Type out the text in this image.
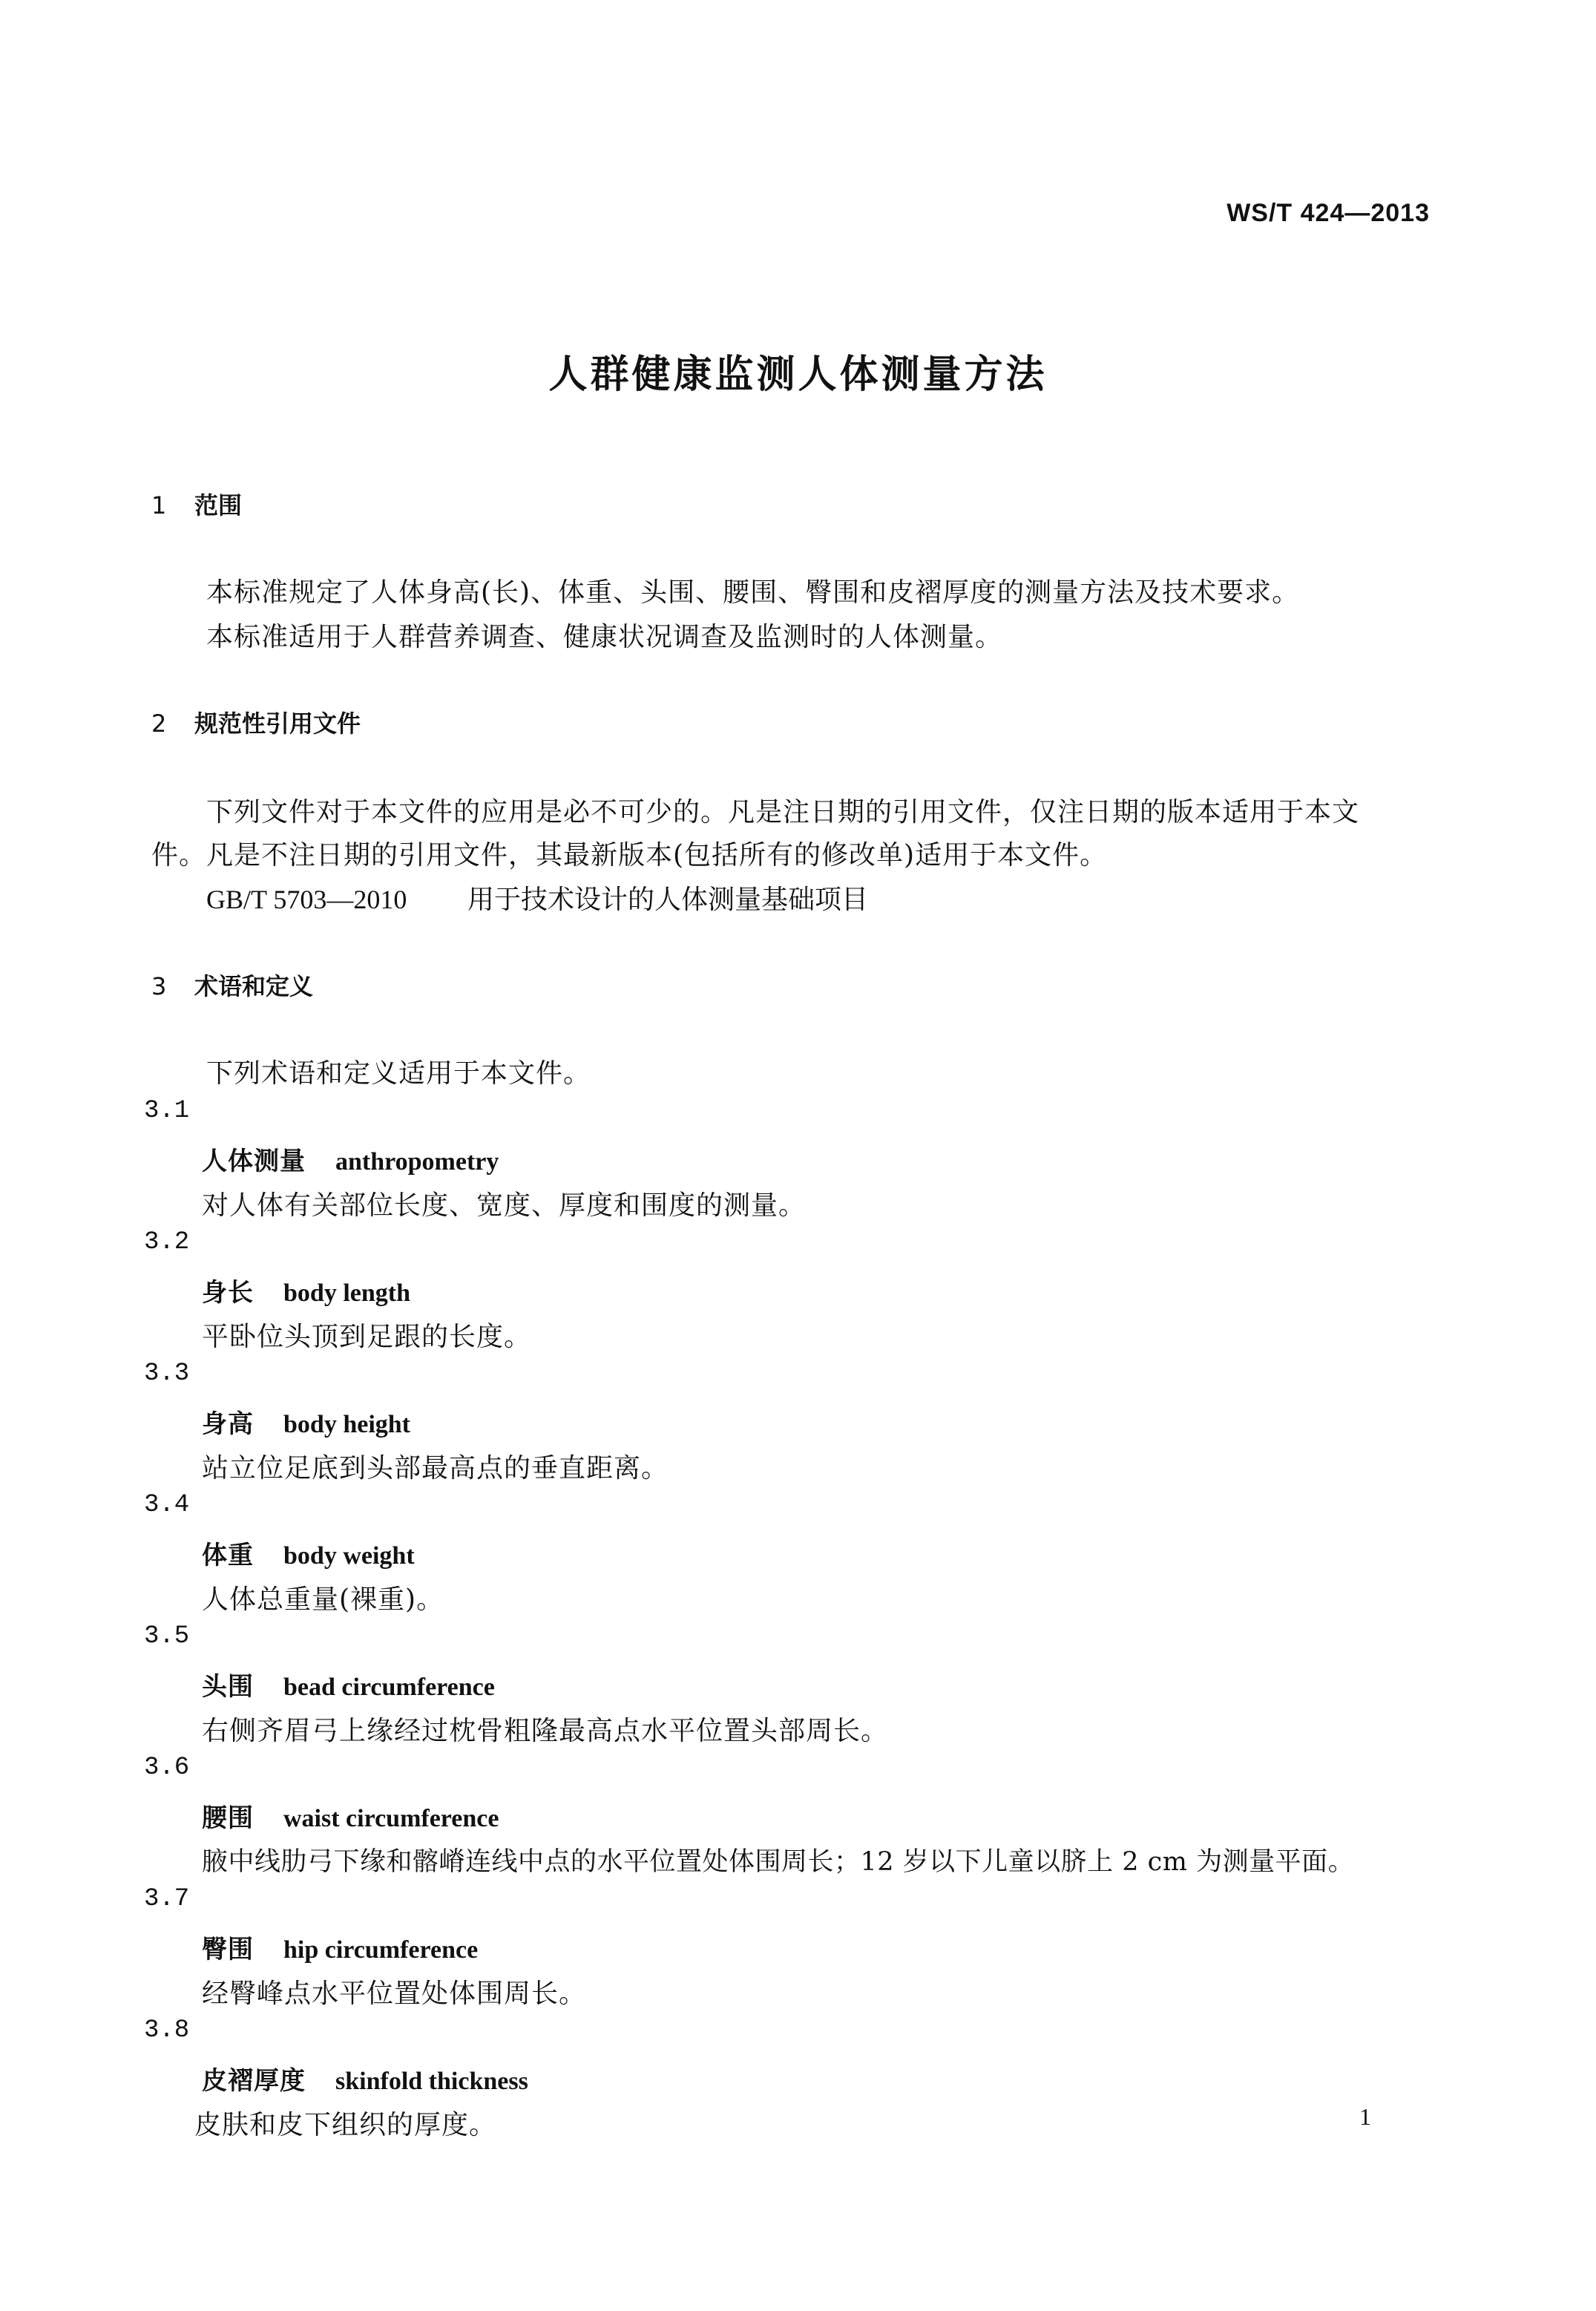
WS/T 424—2013
人群健康监测人体测量方法
1 范围
本标准规定了人体身高(长)、体重、头围、腰围、臀围和皮褶厚度的测量方法及技术要求。
本标准适用于人群营养调查、健康状况调查及监测时的人体测量。
2 规范性引用文件
下列文件对于本文件的应用是必不可少的。凡是注日期的引用文件，仅注日期的版本适用于本文
件。凡是不注日期的引用文件，其最新版本(包括所有的修改单)适用于本文件。
GB/T 5703—2010 用于技术设计的人体测量基础项目
3 术语和定义
下列术语和定义适用于本文件。
3.1
人体测量 anthropometry
对人体有关部位长度、宽度、厚度和围度的测量。
3.2
身长 body length
平卧位头顶到足跟的长度。
3.3
身高 body height
站立位足底到头部最高点的垂直距离。
3.4
体重 body weight
人体总重量(裸重)。
3.5
头围 bead circumference
右侧齐眉弓上缘经过枕骨粗隆最高点水平位置头部周长。
3.6
腰围 waist circumference
腋中线肋弓下缘和髂嵴连线中点的水平位置处体围周长；12 岁以下儿童以脐上 2 cm 为测量平面。
3.7
臀围 hip circumference
经臀峰点水平位置处体围周长。
3.8
皮褶厚度 skinfold thickness
皮肤和皮下组织的厚度。	1
